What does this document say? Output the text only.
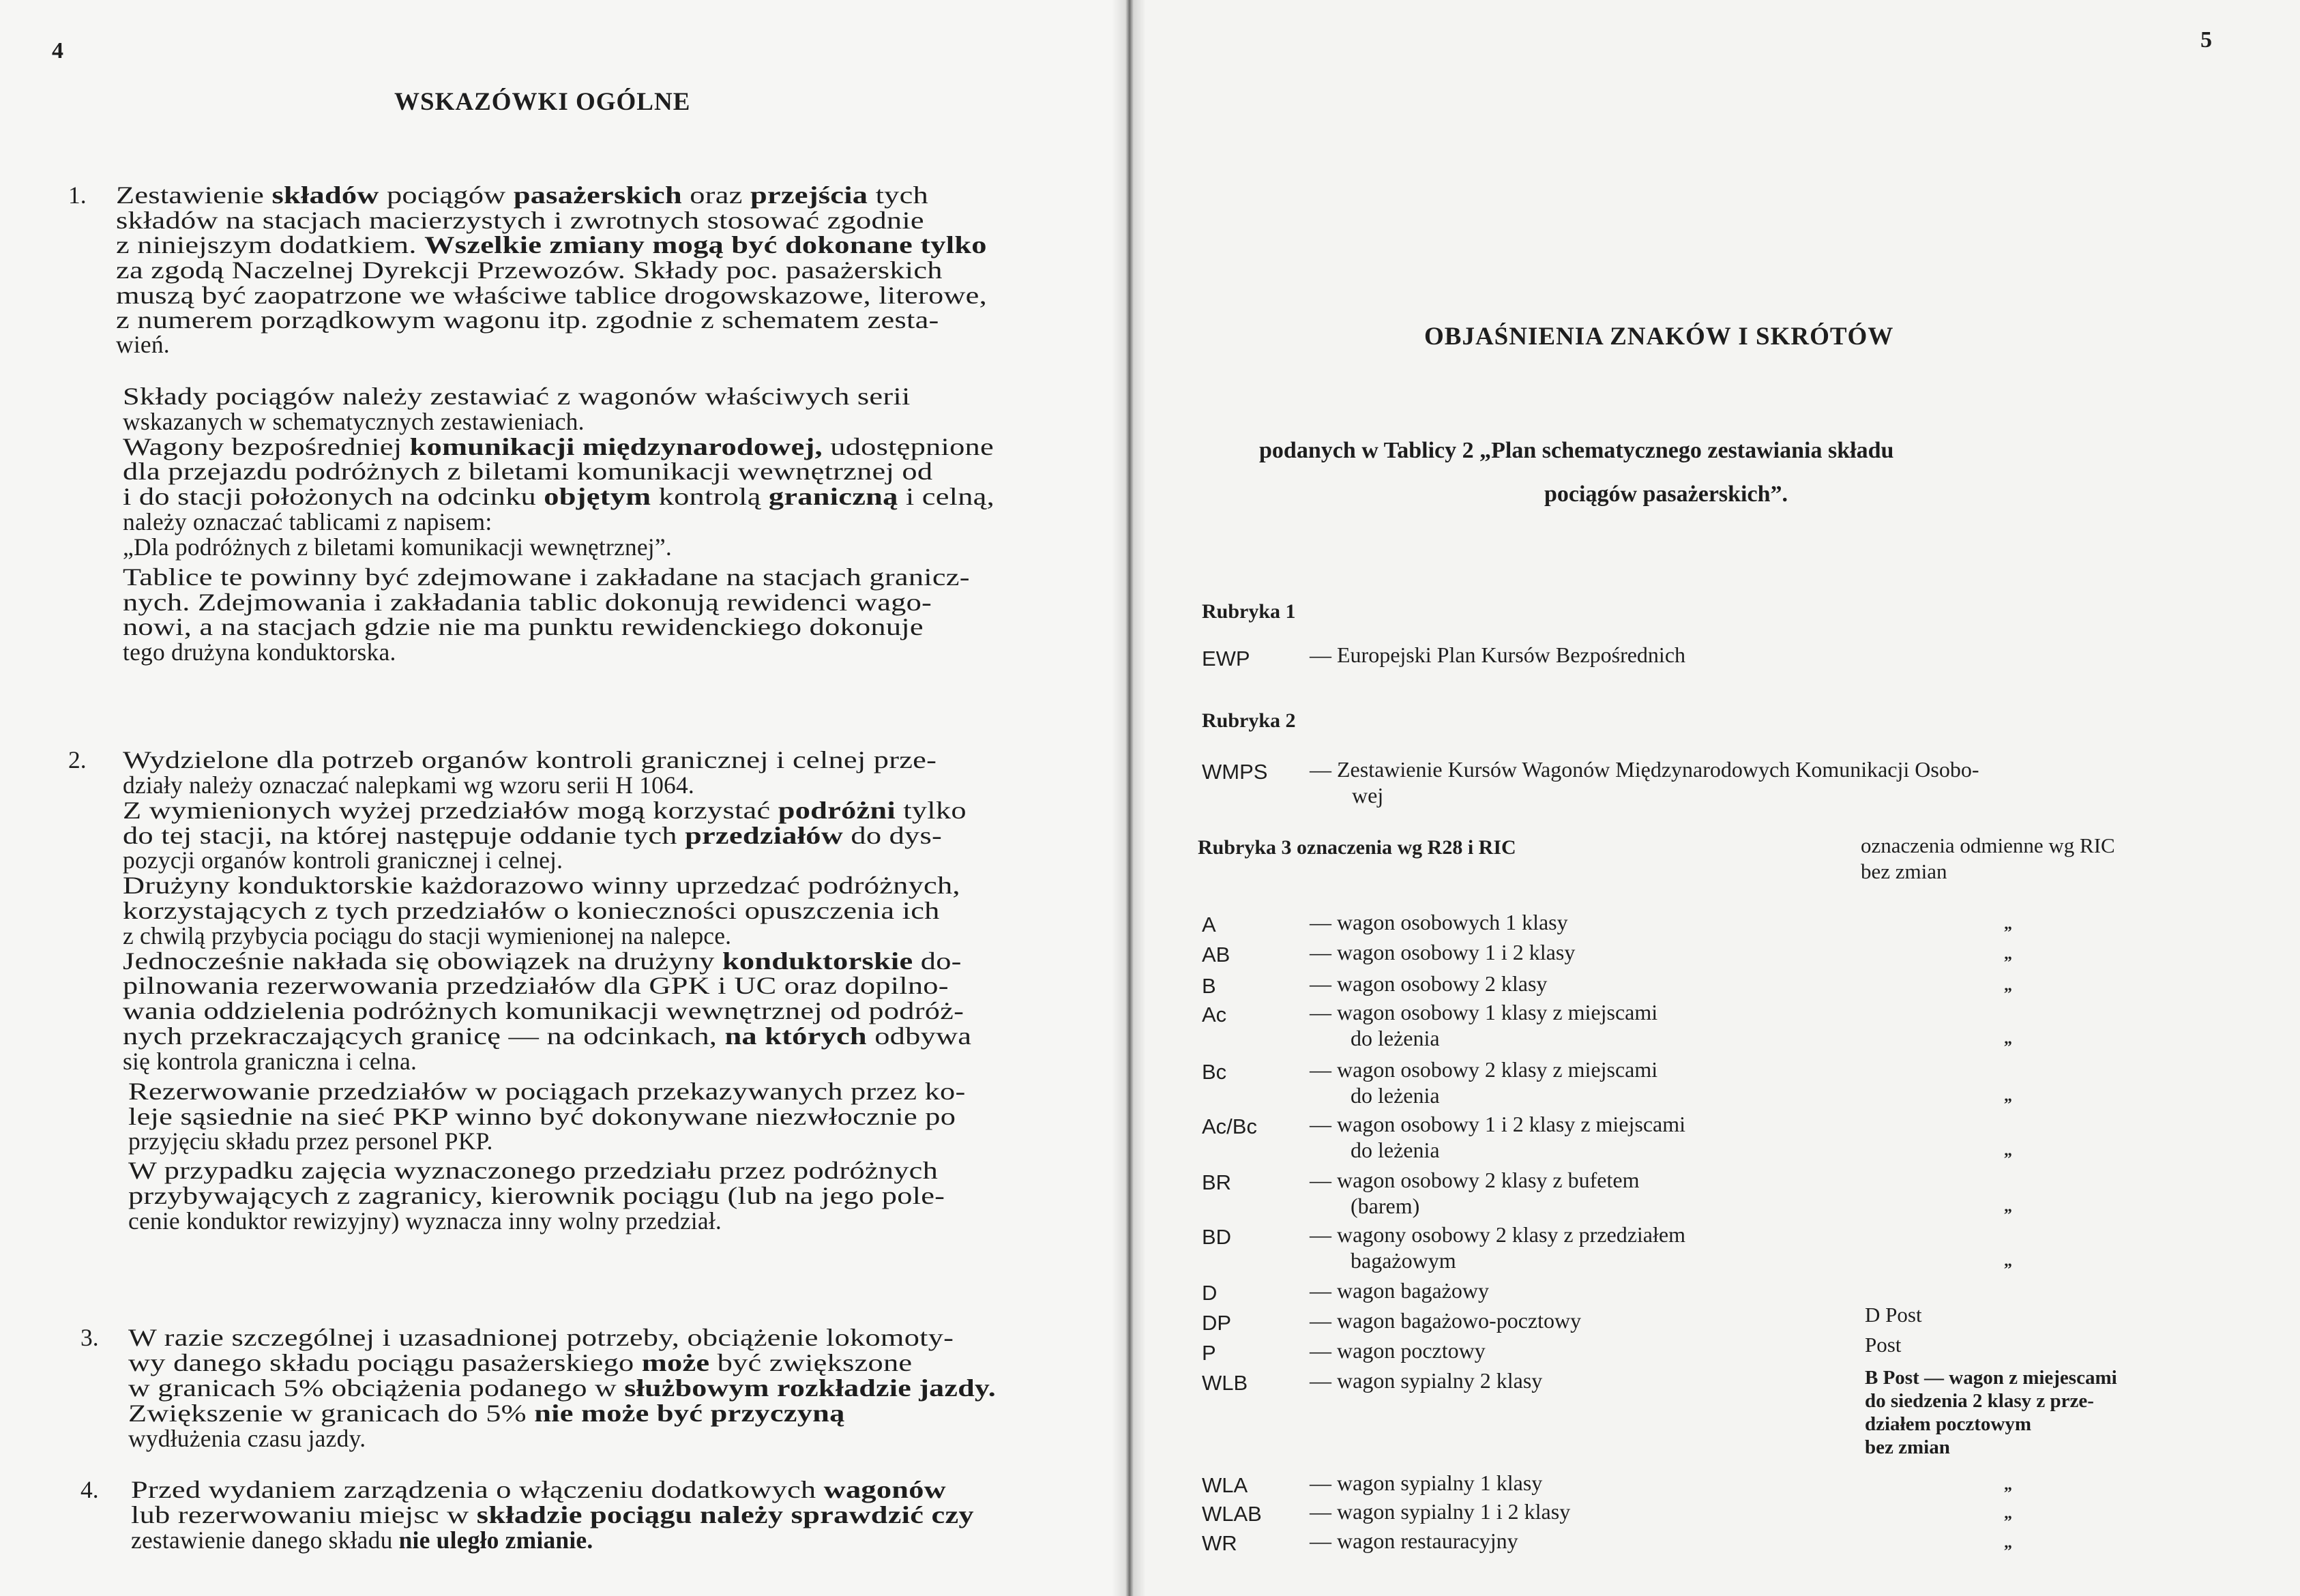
4
WSKAZÓWKI OGÓLNE
1.
2.
3.
4.
Zestawienie składów pociągów pasażerskich oraz przejścia tych
składów na stacjach macierzystych i zwrotnych stosować zgodnie
z niniejszym dodatkiem. Wszelkie zmiany mogą być dokonane tylko
za zgodą Naczelnej Dyrekcji Przewozów. Składy poc. pasażerskich
muszą być zaopatrzone we właściwe tablice drogowskazowe, literowe,
z numerem porządkowym wagonu itp. zgodnie z schematem zesta-
wień.
Składy pociągów należy zestawiać z wagonów właściwych serii
wskazanych w schematycznych zestawieniach.
Wagony bezpośredniej komunikacji międzynarodowej, udostępnione
dla przejazdu podróżnych z biletami komunikacji wewnętrznej od
i do stacji położonych na odcinku objętym kontrolą graniczną i celną,
należy oznaczać tablicami z napisem:
„Dla podróżnych z biletami komunikacji wewnętrznej”.
Tablice te powinny być zdejmowane i zakładane na stacjach granicz-
nych. Zdejmowania i zakładania tablic dokonują rewidenci wago-
nowi, a na stacjach gdzie nie ma punktu rewidenckiego dokonuje
tego drużyna konduktorska.
Wydzielone dla potrzeb organów kontroli granicznej i celnej prze-
działy należy oznaczać nalepkami wg wzoru serii H 1064.
Z wymienionych wyżej przedziałów mogą korzystać podróżni tylko
do tej stacji, na której następuje oddanie tych przedziałów do dys-
pozycji organów kontroli granicznej i celnej.
Drużyny konduktorskie każdorazowo winny uprzedzać podróżnych,
korzystających z tych przedziałów o konieczności opuszczenia ich
z chwilą przybycia pociągu do stacji wymienionej na nalepce.
Jednocześnie nakłada się obowiązek na drużyny konduktorskie do-
pilnowania rezerwowania przedziałów dla GPK i UC oraz dopilno-
wania oddzielenia podróżnych komunikacji wewnętrznej od podróż-
nych przekraczających granicę — na odcinkach, na których odbywa
się kontrola graniczna i celna.
Rezerwowanie przedziałów w pociągach przekazywanych przez ko-
leje sąsiednie na sieć PKP winno być dokonywane niezwłocznie po
przyjęciu składu przez personel PKP.
W przypadku zajęcia wyznaczonego przedziału przez podróżnych
przybywających z zagranicy, kierownik pociągu (lub na jego pole-
cenie konduktor rewizyjny) wyznacza inny wolny przedział.
W razie szczególnej i uzasadnionej potrzeby, obciążenie lokomoty-
wy danego składu pociągu pasażerskiego może być zwiększone
w granicach 5% obciążenia podanego w służbowym rozkładzie jazdy.
Zwiększenie w granicach do 5% nie może być przyczyną
wydłużenia czasu jazdy.
Przed wydaniem zarządzenia o włączeniu dodatkowych wagonów
lub rezerwowaniu miejsc w składzie pociągu należy sprawdzić czy
zestawienie danego składu nie uległo zmianie.
5
OBJAŚNIENIA ZNAKÓW I SKRÓTÓW
podanych w Tablicy 2 „Plan schematycznego zestawiania składu
pociągów pasażerskich”.
Rubryka 1
EWP	— Europejski Plan Kursów Bezpośrednich
Rubryka 2
WMPS — Zestawienie Kursów Wagonów Międzynarodowych Komunikacji Osobo-
wej
Rubryka 3 oznaczenia wg R28 i RIC	oznaczenia odmienne wg RIC
bez zmian
A	— wagon osobowych 1 klasy	„
AB	— wagon osobowy 1 i 2 klasy	„
B	— wagon osobowy 2 klasy	„
Ac	— wagon osobowy 1 klasy z miejscami
do leżenia	„
Bc	— wagon osobowy 2 klasy z miejscami
do leżenia	„
Ac/Bc — wagon osobowy 1 i 2 klasy z miejscami
do leżenia	„
BR	— wagon osobowy 2 klasy z bufetem
(barem)	„
BD	— wagony osobowy 2 klasy z przedziałem
bagażowym	„
D	— wagon bagażowy
DP	— wagon bagażowo-pocztowy	D Post
P	— wagon pocztowy	Post
WLB	— wagon sypialny 2 klasy	B Post — wagon z miejescami
do siedzenia 2 klasy z prze-
działem pocztowym
bez zmian
WLA	— wagon sypialny 1 klasy	„
WLAB — wagon sypialny 1 i 2 klasy	„
WR	— wagon restauracyjny	„
